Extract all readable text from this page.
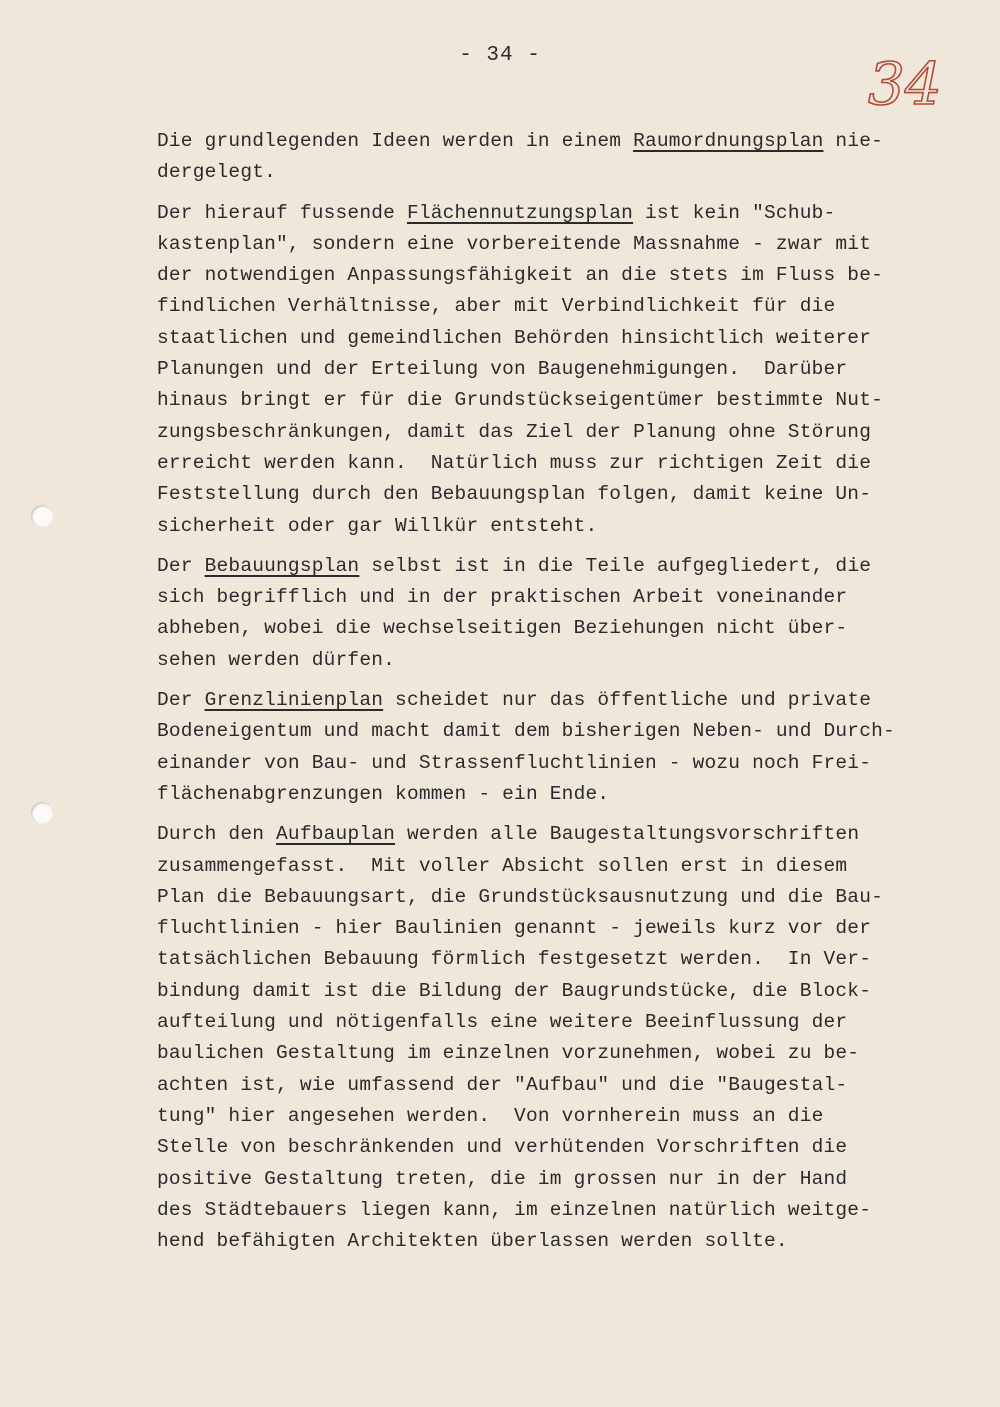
- 34 -	34
Die grundlegenden Ideen werden in einem Raumordnungsplan nie-
dergelegt.
Der hierauf fussende Flächennutzungsplan ist kein "Schub-
kastenplan", sondern eine vorbereitende Massnahme - zwar mit
der notwendigen Anpassungsfähigkeit an die stets im Fluss be-
findlichen Verhältnisse, aber mit Verbindlichkeit für die
staatlichen und gemeindlichen Behörden hinsichtlich weiterer
Planungen und der Erteilung von Baugenehmigungen.  Darüber
hinaus bringt er für die Grundstückseigentümer bestimmte Nut-
zungsbeschränkungen, damit das Ziel der Planung ohne Störung
erreicht werden kann.  Natürlich muss zur richtigen Zeit die
Feststellung durch den Bebauungsplan folgen, damit keine Un-
sicherheit oder gar Willkür entsteht.
Der Bebauungsplan selbst ist in die Teile aufgegliedert, die
sich begrifflich und in der praktischen Arbeit voneinander
abheben, wobei die wechselseitigen Beziehungen nicht über-
sehen werden dürfen.
Der Grenzlinienplan scheidet nur das öffentliche und private
Bodeneigentum und macht damit dem bisherigen Neben- und Durch-
einander von Bau- und Strassenfluchtlinien - wozu noch Frei-
flächenabgrenzungen kommen - ein Ende.
Durch den Aufbauplan werden alle Baugestaltungsvorschriften
zusammengefasst.  Mit voller Absicht sollen erst in diesem
Plan die Bebauungsart, die Grundstücksausnutzung und die Bau-
fluchtlinien - hier Baulinien genannt - jeweils kurz vor der
tatsächlichen Bebauung förmlich festgesetzt werden.  In Ver-
bindung damit ist die Bildung der Baugrundstücke, die Block-
aufteilung und nötigenfalls eine weitere Beeinflussung der
baulichen Gestaltung im einzelnen vorzunehmen, wobei zu be-
achten ist, wie umfassend der "Aufbau" und die "Baugestal-
tung" hier angesehen werden.  Von vornherein muss an die
Stelle von beschränkenden und verhütenden Vorschriften die
positive Gestaltung treten, die im grossen nur in der Hand
des Städtebauers liegen kann, im einzelnen natürlich weitge-
hend befähigten Architekten überlassen werden sollte.
